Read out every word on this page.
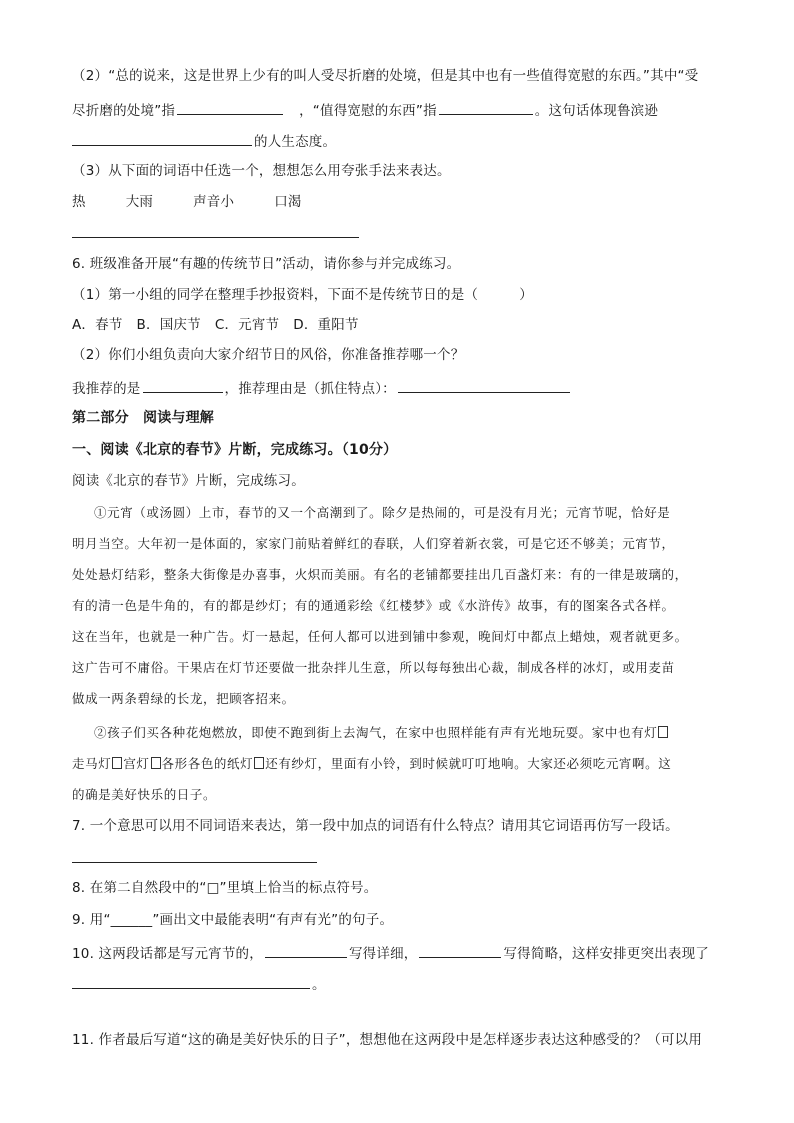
（2）“总的说来，这是世界上少有的叫人受尽折磨的处境，但是其中也有一些值得宽慰的东西。”其中“受
尽折磨的处境”指	，“值得宽慰的东西”指	。这句话体现鲁滨逊
的人生态度。
（3）从下面的词语中任选一个，想想怎么用夸张手法来表达。
热	大雨	声音小	口渴
6. 班级准备开展“有趣的传统节日”活动，请你参与并完成练习。
（1）第一小组的同学在整理手抄报资料，下面不是传统节日的是（　　　）
A．春节 B．国庆节 C．元宵节 D．重阳节
（2）你们小组负责向大家介绍节日的风俗，你准备推荐哪一个？
我推荐的是	，推荐理由是（抓住特点）：
第二部分　阅读与理解
一、阅读《北京的春节》片断，完成练习。（10分）
阅读《北京的春节》片断，完成练习。
①元宵（或汤圆）上市，春节的又一个高潮到了。除夕是热闹的，可是没有月光；元宵节呢，恰好是
明月当空。大年初一是体面的，家家门前贴着鲜红的春联，人们穿着新衣裳，可是它还不够美；元宵节，
处处悬灯结彩，整条大街像是办喜事，火炽而美丽。有名的老铺都要挂出几百盏灯来：有的一律是玻璃的，
有的清一色是牛角的，有的都是纱灯；有的通通彩绘《红楼梦》或《水浒传》故事，有的图案各式各样。
这在当年，也就是一种广告。灯一悬起，任何人都可以进到铺中参观，晚间灯中都点上蜡烛，观者就更多。
这广告可不庸俗。干果店在灯节还要做一批杂拌儿生意，所以每每独出心裁，制成各样的冰灯，或用麦苗
做成一两条碧绿的长龙，把顾客招来。
②孩子们买各种花炮燃放，即使不跑到街上去淘气，在家中也照样能有声有光地玩耍。家中也有灯
走马灯 宫灯 各形各色的纸灯 还有纱灯，里面有小铃，到时候就叮叮地响。大家还必须吃元宵啊。这
的确是美好快乐的日子。
7. 一个意思可以用不同词语来表达，第一段中加点的词语有什么特点？请用其它词语再仿写一段话。
8. 在第二自然段中的“□”里填上恰当的标点符号。
9. 用“______”画出文中最能表明“有声有光”的句子。
10. 这两段话都是写元宵节的，	写得详细，	写得简略，这样安排更突出表现了
。
11. 作者最后写道“这的确是美好快乐的日子”，想想他在这两段中是怎样逐步表达这种感受的？（可以用
